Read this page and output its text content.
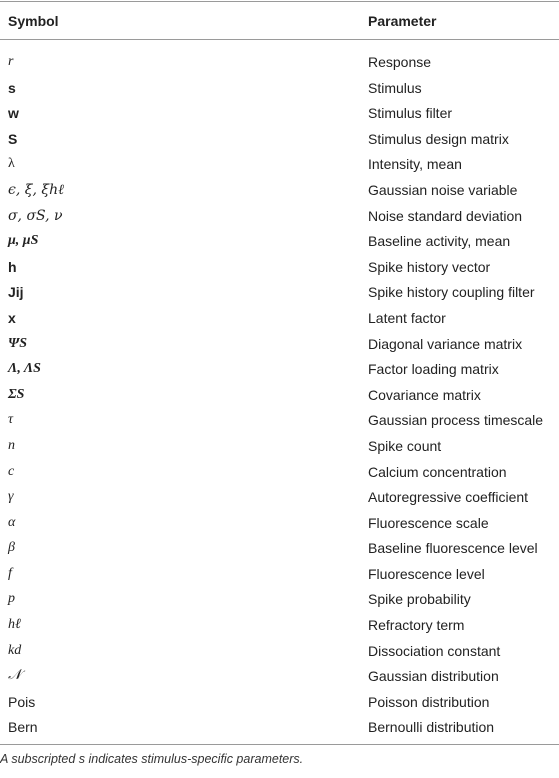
Symbol	Parameter
r	Response
s	Stimulus
w	Stimulus filter
S	Stimulus design matrix
λ	Intensity, mean
ϵ, ξ, ξhℓ	Gaussian noise variable
σ, σS, ν	Noise standard deviation
μ, μS	Baseline activity, mean
h	Spike history vector
Jij	Spike history coupling filter
x	Latent factor
ΨS	Diagonal variance matrix
Λ, ΛS	Factor loading matrix
ΣS	Covariance matrix
τ	Gaussian process timescale
n	Spike count
c	Calcium concentration
γ	Autoregressive coefficient
α	Fluorescence scale
β	Baseline fluorescence level
f	Fluorescence level
p	Spike probability
hℓ	Refractory term
kd	Dissociation constant
𝒩	Gaussian distribution
Pois	Poisson distribution
Bern	Bernoulli distribution
A subscripted s indicates stimulus-specific parameters.
